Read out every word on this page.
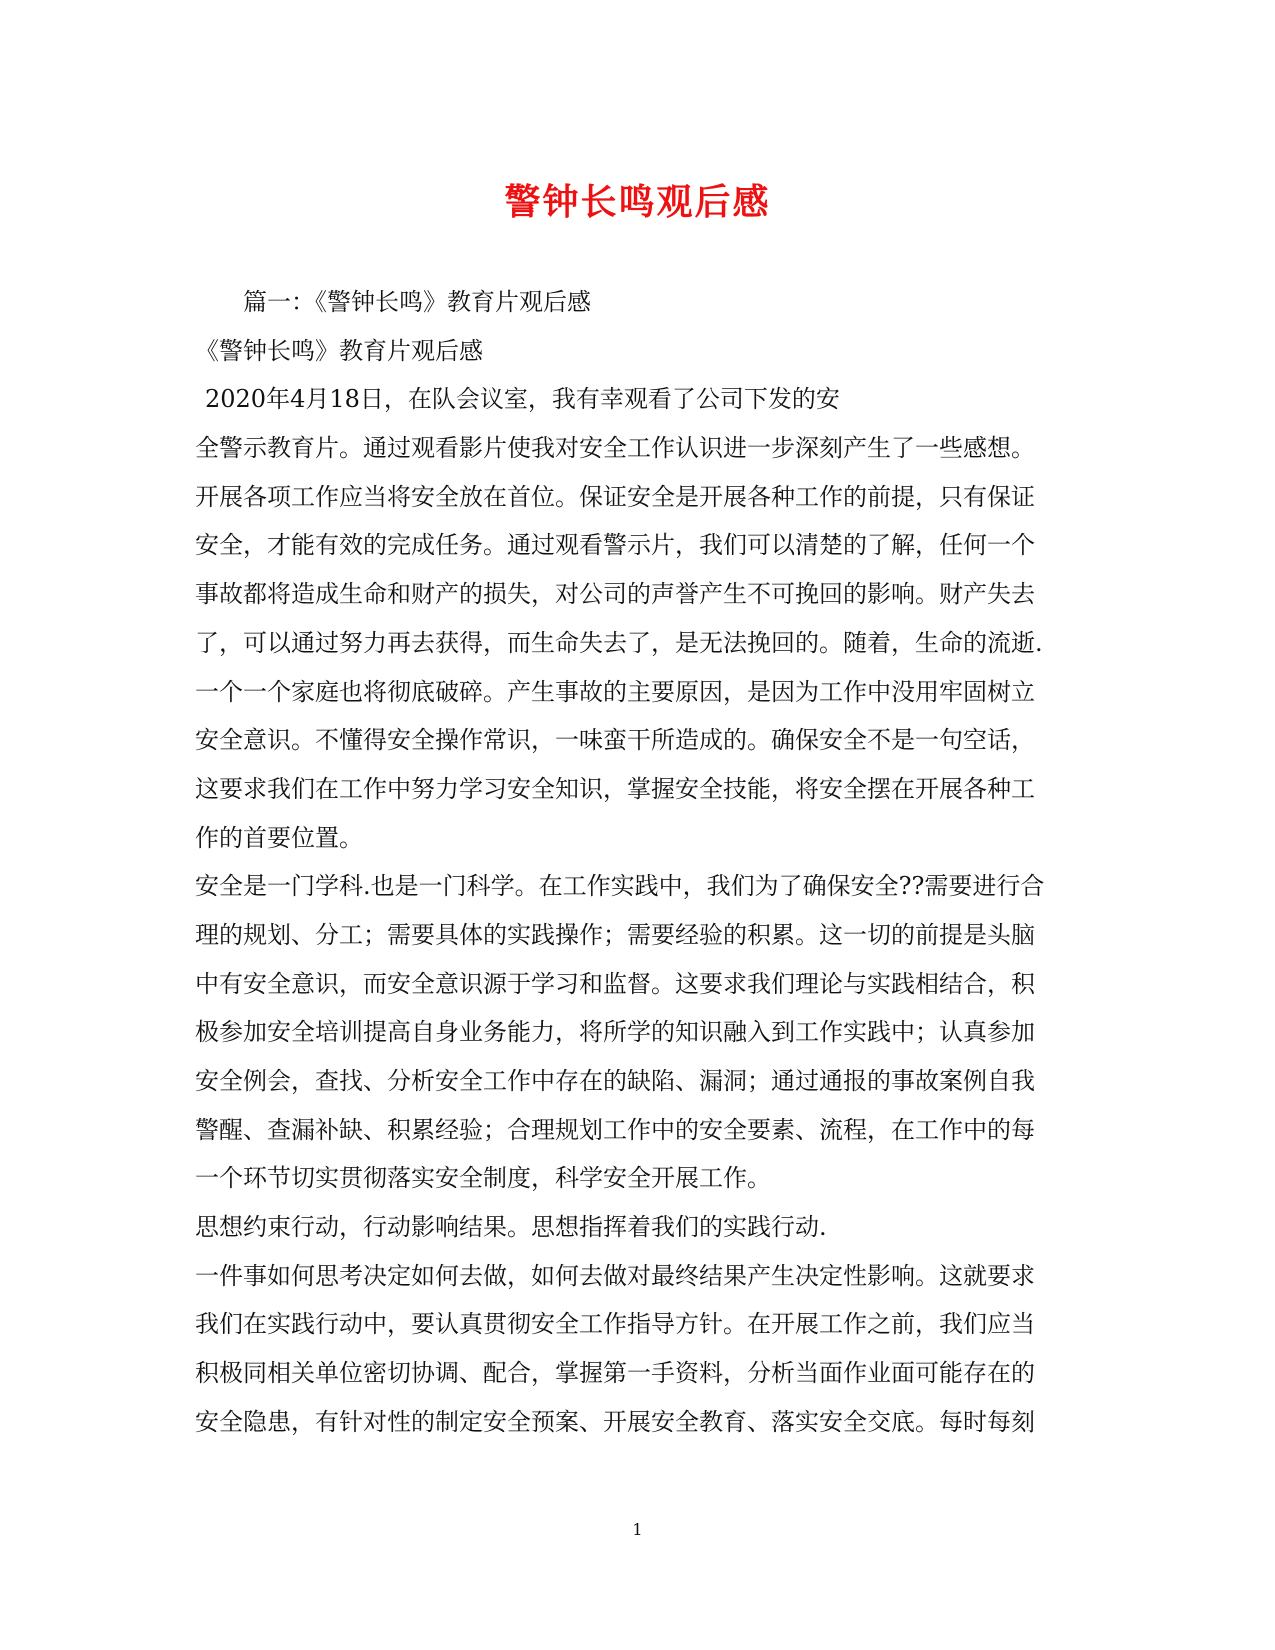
警钟长鸣观后感
篇一：《警钟长鸣》教育片观后感
《警钟长鸣》教育片观后感
2020年4月18日，在队会议室，我有幸观看了公司下发的安
全警示教育片。通过观看影片使我对安全工作认识进一步深刻产生了一些感想。
开展各项工作应当将安全放在首位。保证安全是开展各种工作的前提，只有保证
安全，才能有效的完成任务。通过观看警示片，我们可以清楚的了解，任何一个
事故都将造成生命和财产的损失，对公司的声誉产生不可挽回的影响。财产失去
了，可以通过努力再去获得，而生命失去了，是无法挽回的。随着，生命的流逝.
一个一个家庭也将彻底破碎。产生事故的主要原因，是因为工作中没用牢固树立
安全意识。不懂得安全操作常识，一味蛮干所造成的。确保安全不是一句空话，
这要求我们在工作中努力学习安全知识，掌握安全技能，将安全摆在开展各种工
作的首要位置。
安全是一门学科.也是一门科学。在工作实践中，我们为了确保安全??需要进行合
理的规划、分工；需要具体的实践操作；需要经验的积累。这一切的前提是头脑
中有安全意识，而安全意识源于学习和监督。这要求我们理论与实践相结合，积
极参加安全培训提高自身业务能力，将所学的知识融入到工作实践中；认真参加
安全例会，查找、分析安全工作中存在的缺陷、漏洞；通过通报的事故案例自我
警醒、查漏补缺、积累经验；合理规划工作中的安全要素、流程，在工作中的每
一个环节切实贯彻落实安全制度，科学安全开展工作。
思想约束行动，行动影响结果。思想指挥着我们的实践行动.
一件事如何思考决定如何去做，如何去做对最终结果产生决定性影响。这就要求
我们在实践行动中，要认真贯彻安全工作指导方针。在开展工作之前，我们应当
积极同相关单位密切协调、配合，掌握第一手资料，分析当面作业面可能存在的
安全隐患，有针对性的制定安全预案、开展安全教育、落实安全交底。每时每刻
1
